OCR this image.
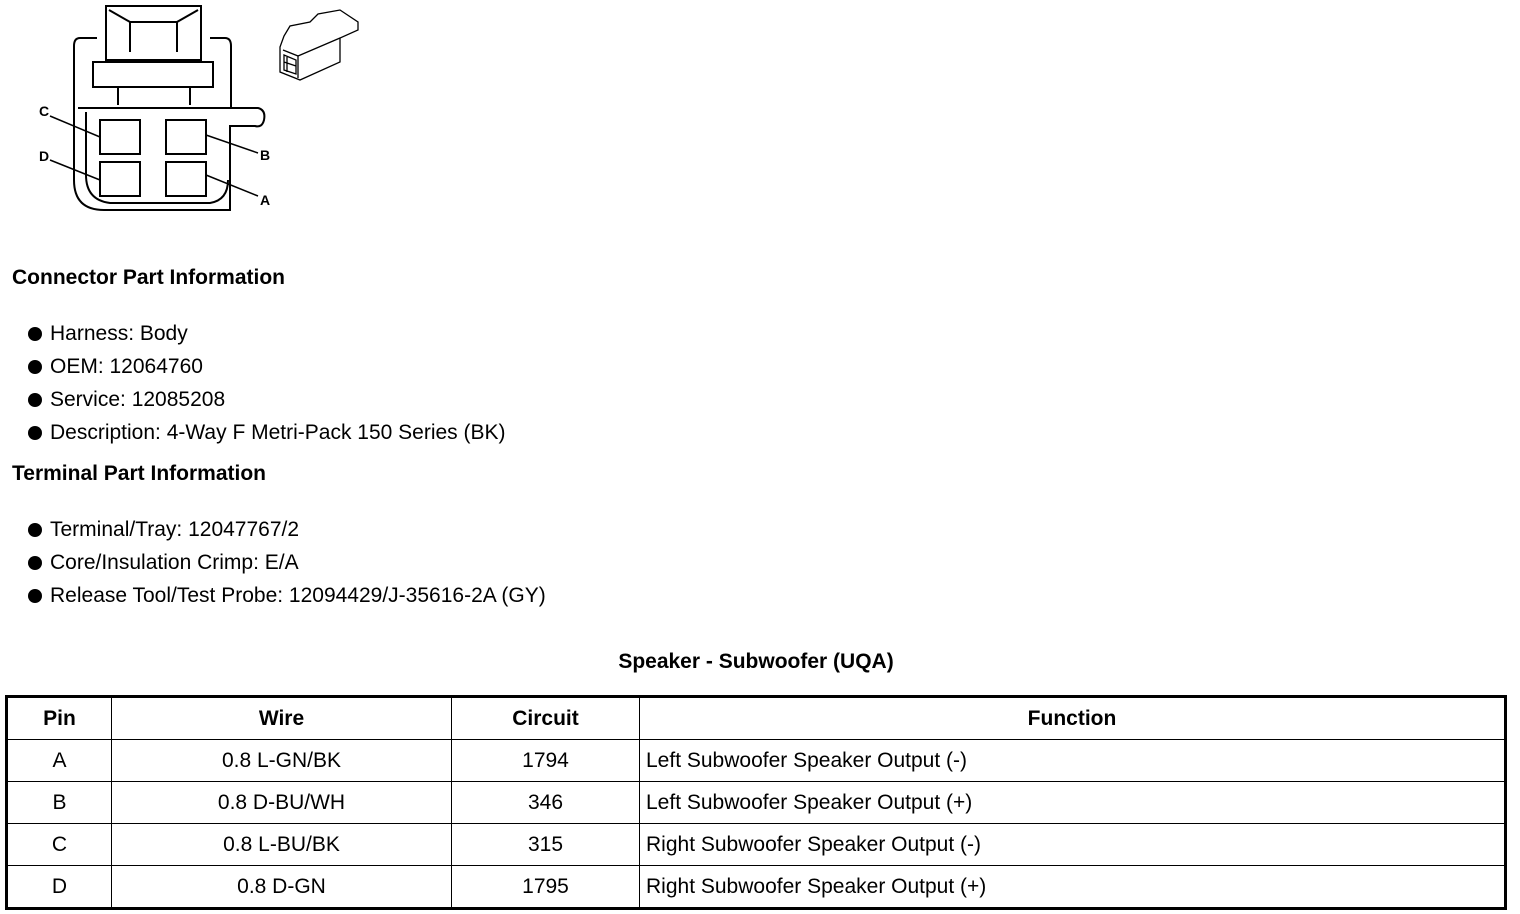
C
D	B
A
Connector Part Information
Harness: Body
OEM: 12064760
Service: 12085208
Description: 4-Way F Metri-Pack 150 Series (BK)
Terminal Part Information
Terminal/Tray: 12047767/2
Core/Insulation Crimp: E/A
Release Tool/Test Probe: 12094429/J-35616-2A (GY)
Speaker - Subwoofer (UQA)
Pin	Wire	Circuit	Function
A	0.8 L-GN/BK	1794	Left Subwoofer Speaker Output (-)
B	0.8 D-BU/WH	346	Left Subwoofer Speaker Output (+)
C	0.8 L-BU/BK	315	Right Subwoofer Speaker Output (-)
D	0.8 D-GN	1795	Right Subwoofer Speaker Output (+)
